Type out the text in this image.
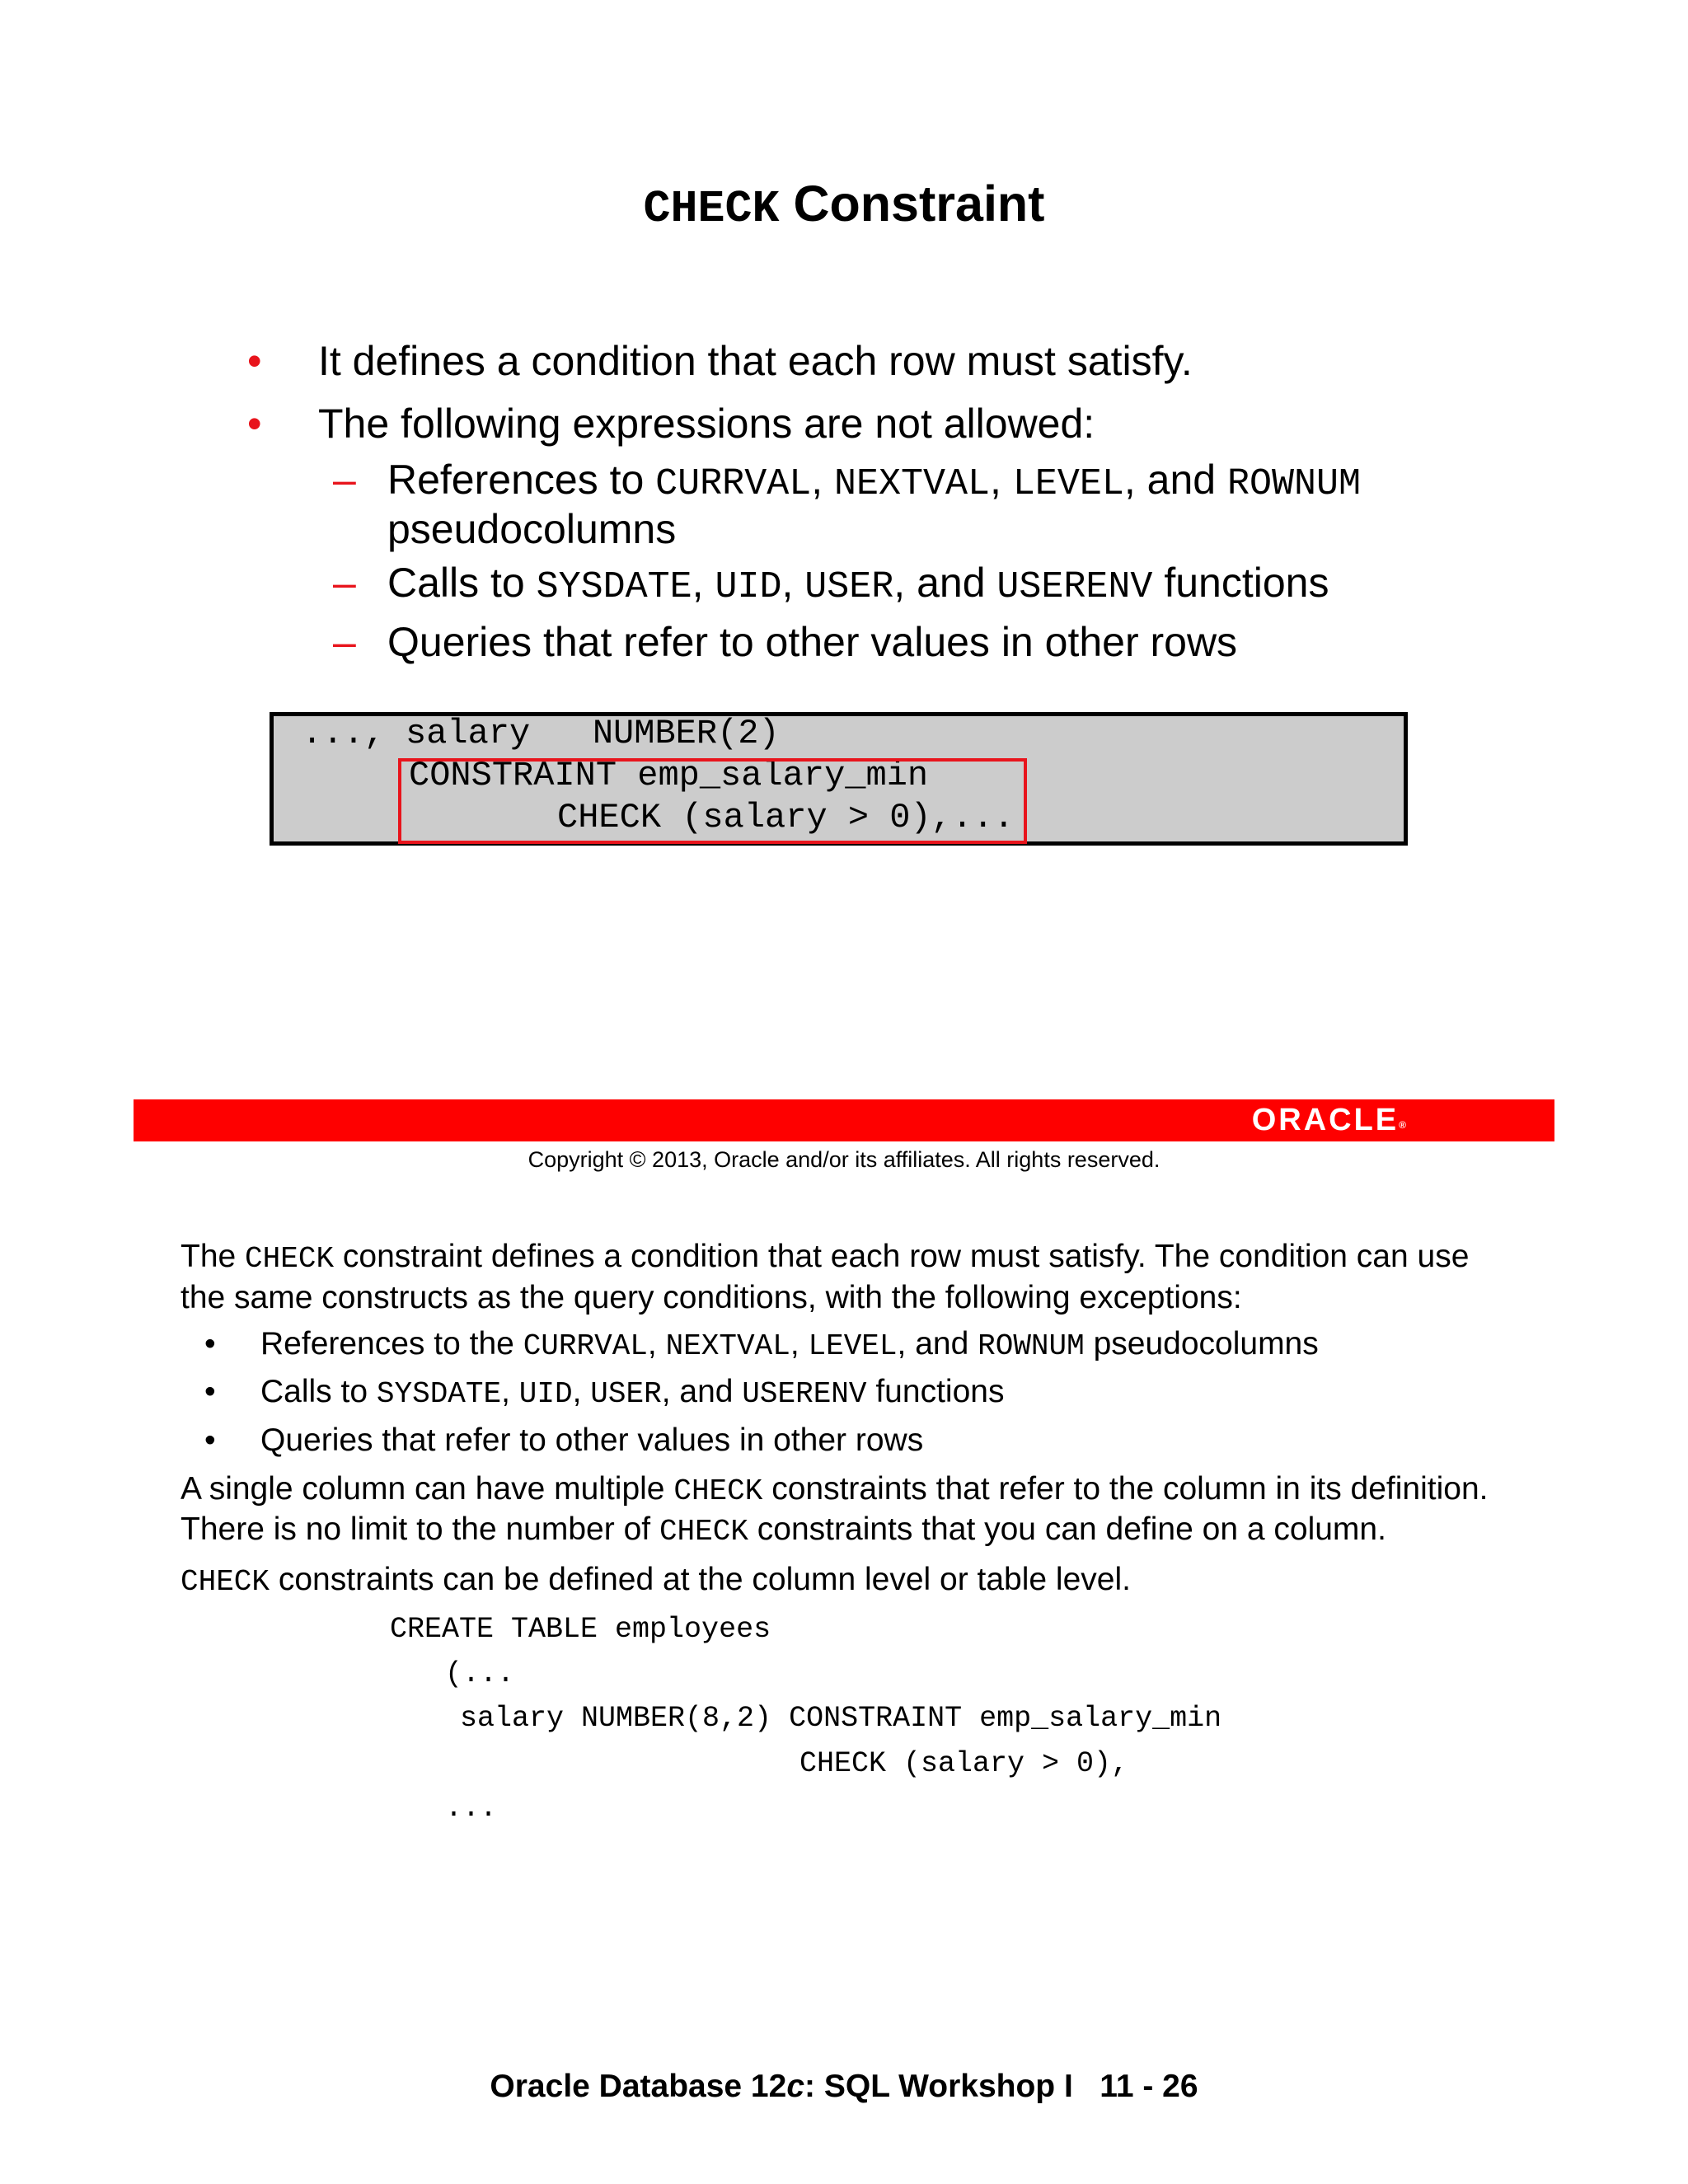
CHECK Constraint
• It defines a condition that each row must satisfy.
• The following expressions are not allowed:
– References to CURRVAL, NEXTVAL, LEVEL, and ROWNUM
pseudocolumns
– Calls to SYSDATE, UID, USER, and USERENV functions
– Queries that refer to other values in other rows
..., salary   NUMBER(2)
CONSTRAINT emp_salary_min
CHECK (salary > 0),...
ORACLE®
Copyright © 2013, Oracle and/or its affiliates. All rights reserved.
The CHECK constraint defines a condition that each row must satisfy. The condition can use
the same constructs as the query conditions, with the following exceptions:
• References to the CURRVAL, NEXTVAL, LEVEL, and ROWNUM pseudocolumns
• Calls to SYSDATE, UID, USER, and USERENV functions
• Queries that refer to other values in other rows
A single column can have multiple CHECK constraints that refer to the column in its definition.
There is no limit to the number of CHECK constraints that you can define on a column.
CHECK constraints can be defined at the column level or table level.
CREATE TABLE employees
(...
salary NUMBER(8,2) CONSTRAINT emp_salary_min
CHECK (salary > 0),
...
Oracle Database 12c: SQL Workshop I   11 - 26
